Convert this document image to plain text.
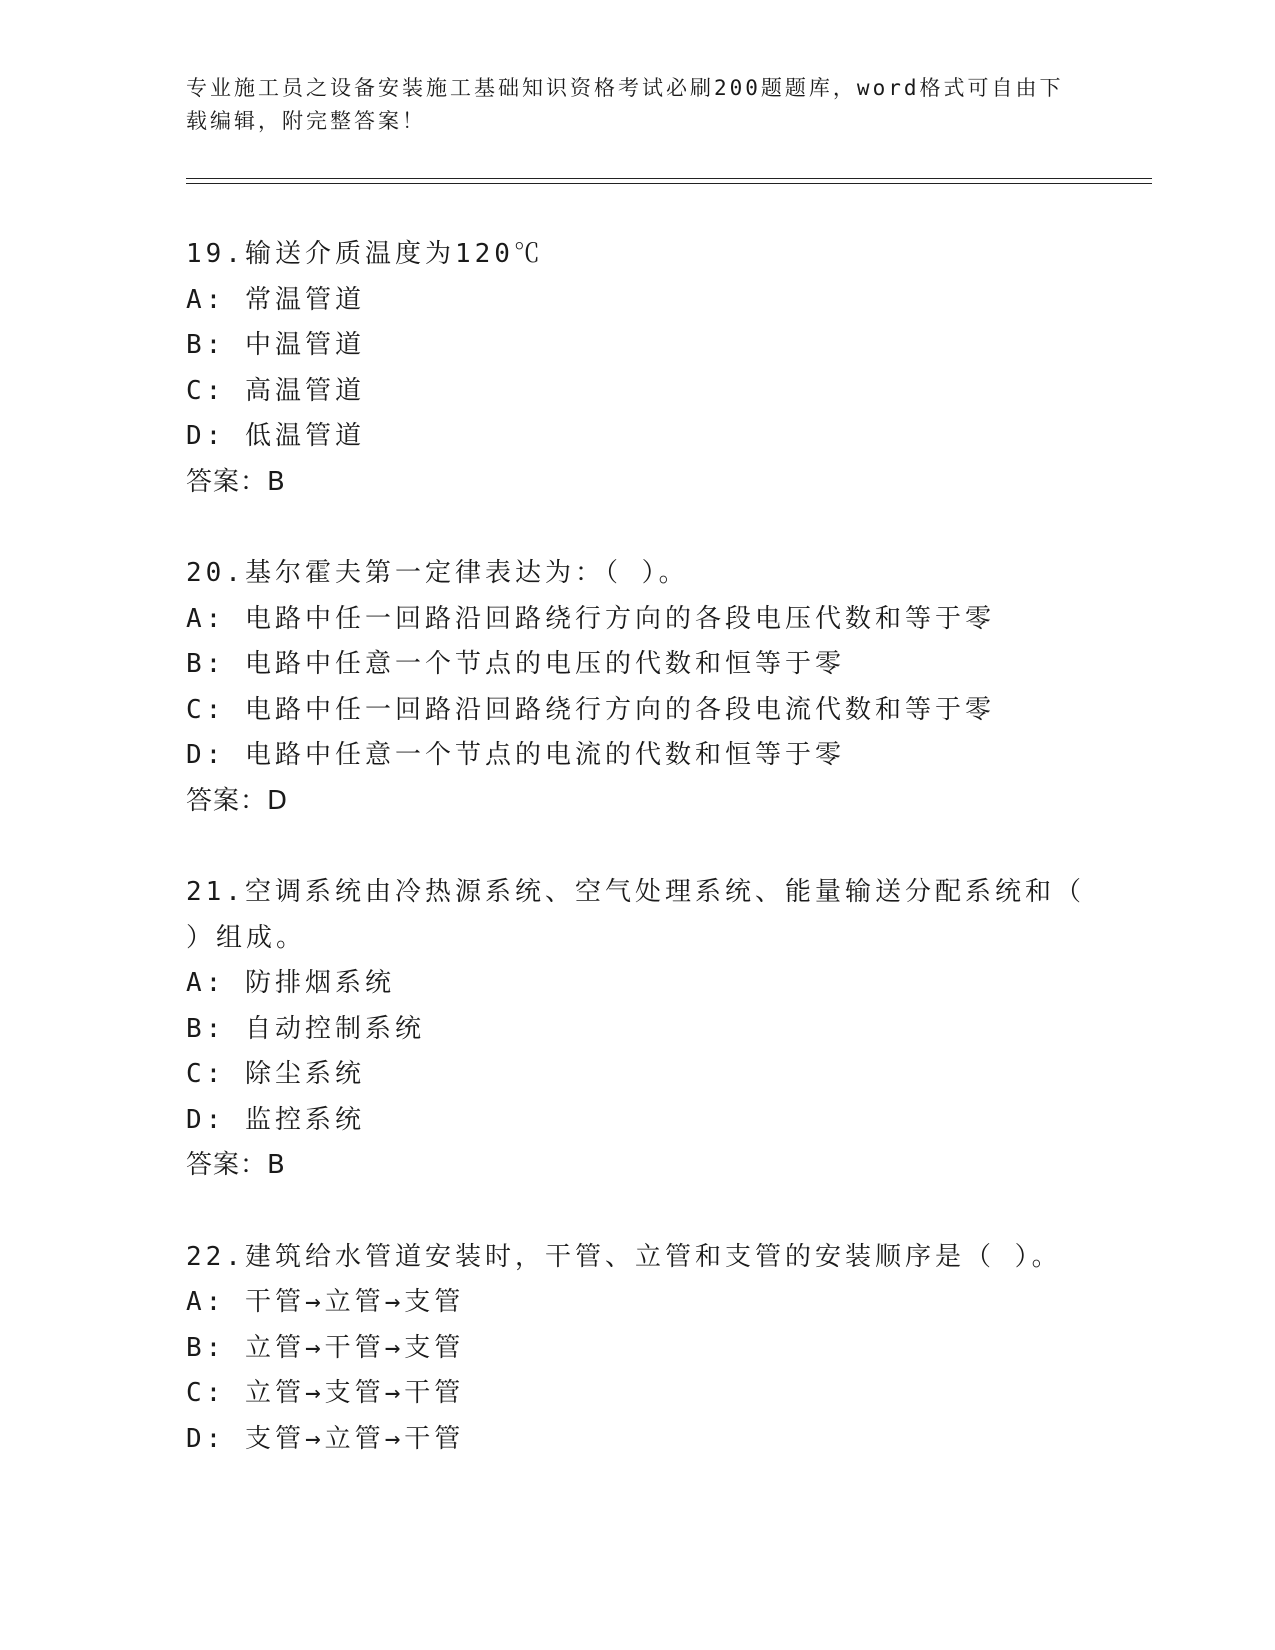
专业施工员之设备安装施工基础知识资格考试必刷200题题库，word格式可自由下载编辑，附完整答案！
19.输送介质温度为120℃
A: 常温管道
B: 中温管道
C: 高温管道
D: 低温管道
答案：B
20.基尔霍夫第一定律表达为：（ ）。
A: 电路中任一回路沿回路绕行方向的各段电压代数和等于零
B: 电路中任意一个节点的电压的代数和恒等于零
C: 电路中任一回路沿回路绕行方向的各段电流代数和等于零
D: 电路中任意一个节点的电流的代数和恒等于零
答案：D
21.空调系统由冷热源系统、空气处理系统、能量输送分配系统和（ ）组成。
A: 防排烟系统
B: 自动控制系统
C: 除尘系统
D: 监控系统
答案：B
22.建筑给水管道安装时，干管、立管和支管的安装顺序是（ ）。
A: 干管→立管→支管
B: 立管→干管→支管
C: 立管→支管→干管
D: 支管→立管→干管
